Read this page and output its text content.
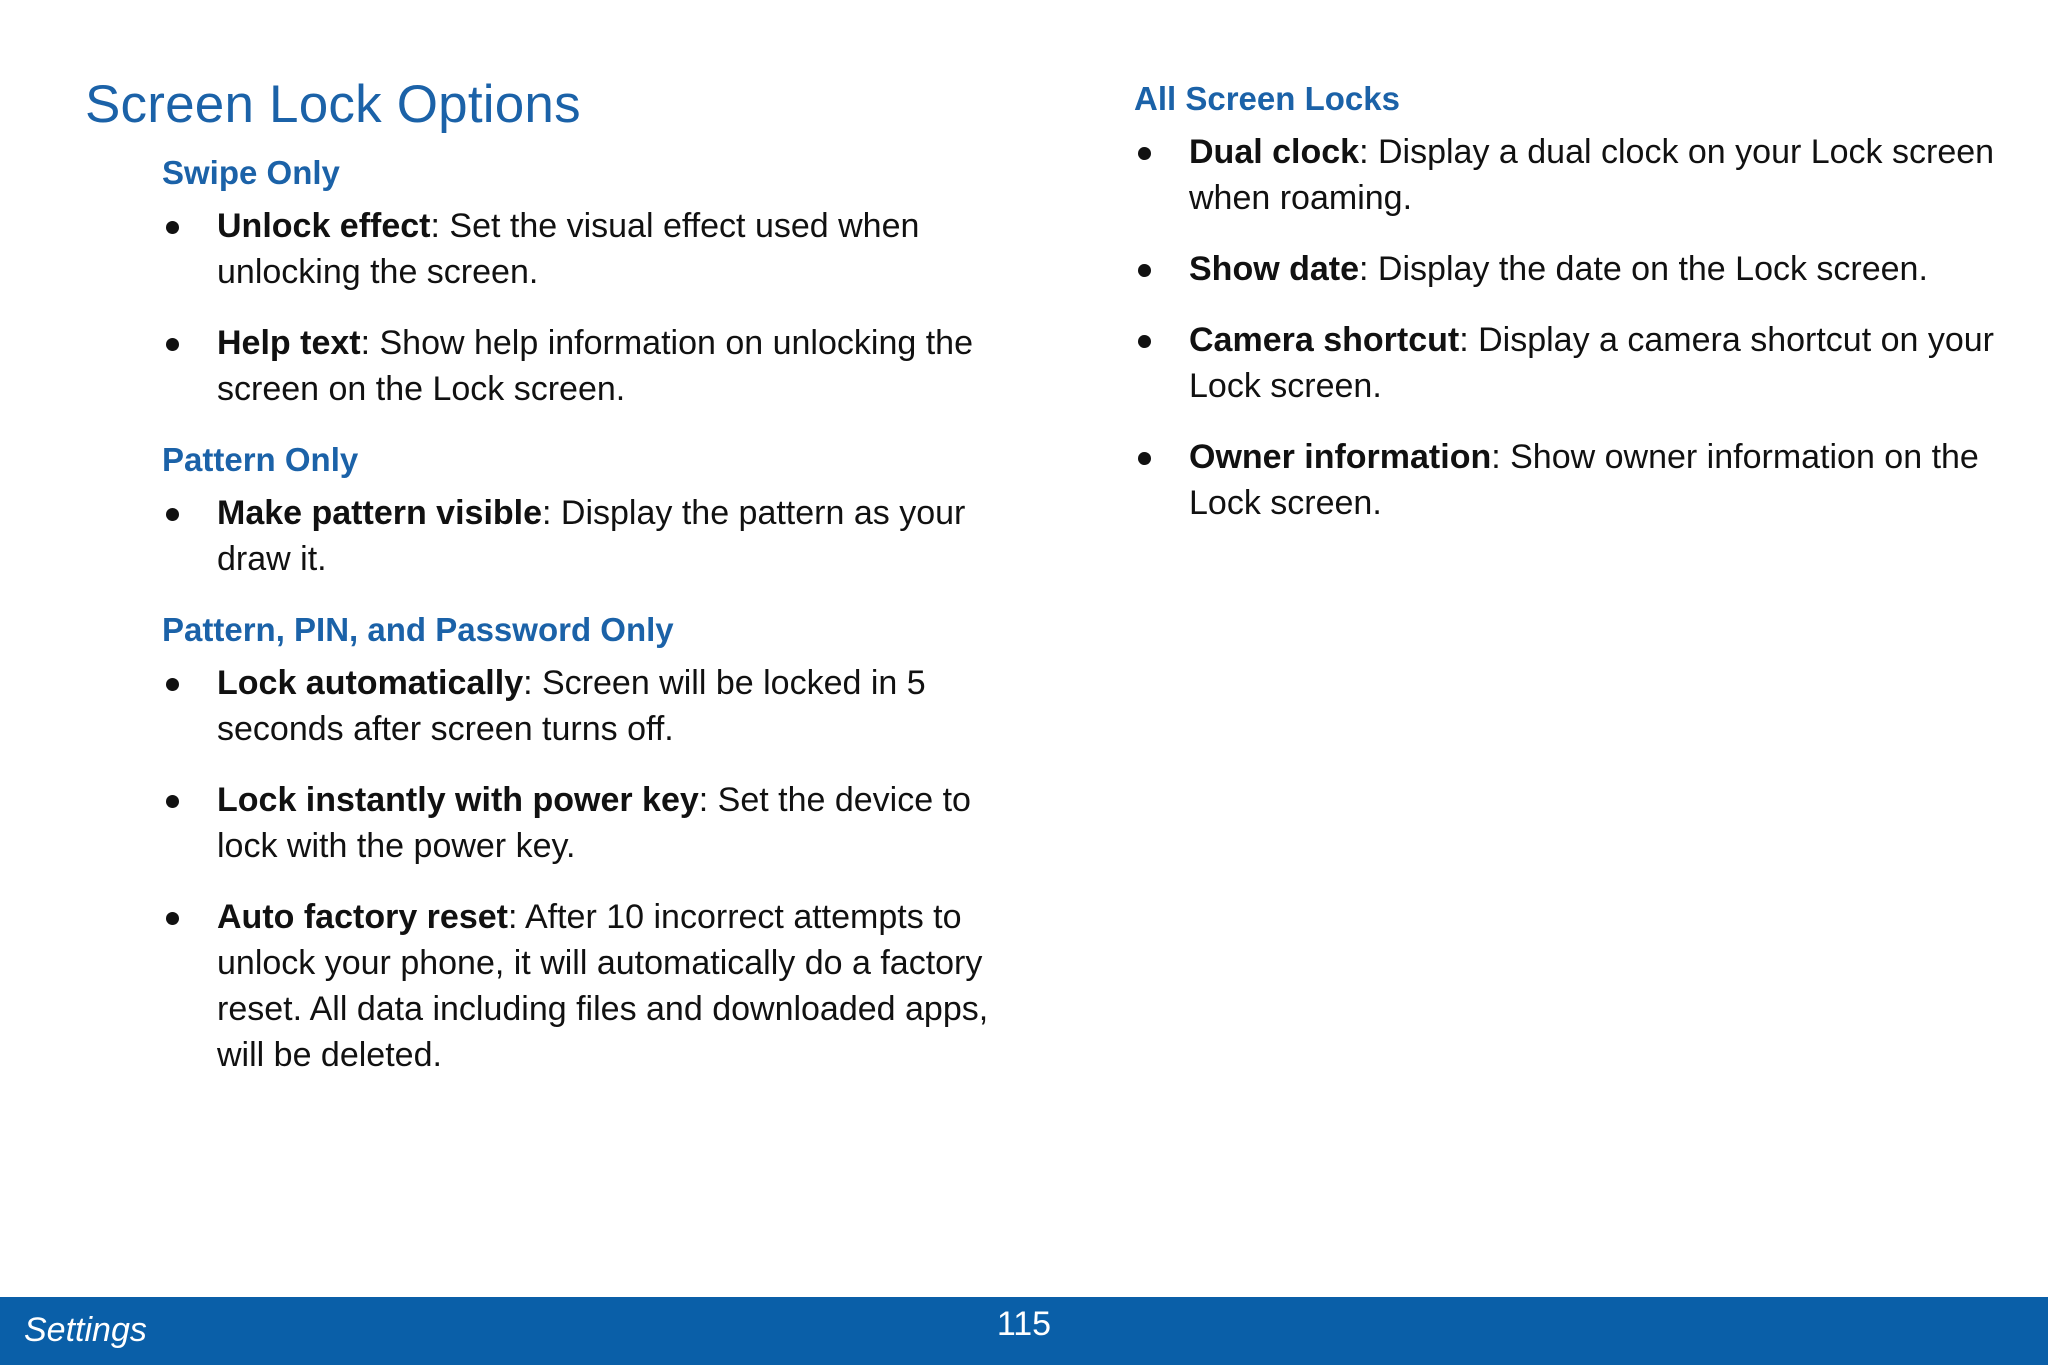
Screen Lock Options
Swipe Only
Unlock effect: Set the visual effect used when unlocking the screen.
Help text: Show help information on unlocking the screen on the Lock screen.
Pattern Only
Make pattern visible: Display the pattern as your draw it.
Pattern, PIN, and Password Only
Lock automatically: Screen will be locked in 5 seconds after screen turns off.
Lock instantly with power key: Set the device to lock with the power key.
Auto factory reset: After 10 incorrect attempts to unlock your phone, it will automatically do a factory reset. All data including files and downloaded apps, will be deleted.
All Screen Locks
Dual clock: Display a dual clock on your Lock screen when roaming.
Show date: Display the date on the Lock screen.
Camera shortcut: Display a camera shortcut on your Lock screen.
Owner information: Show owner information on the Lock screen.
115
Settings
